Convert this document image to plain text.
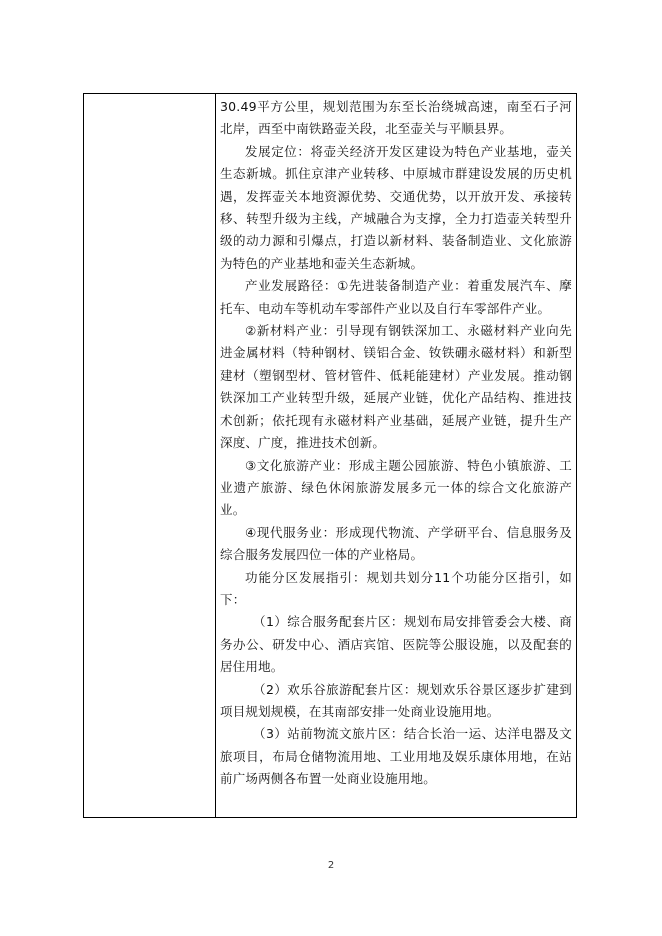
30.49平方公里，规划范围为东至长治绕城高速，南至石子河北岸，西至中南铁路壶关段，北至壶关与平顺县界。

发展定位：将壶关经济开发区建设为特色产业基地，壶关生态新城。抓住京津产业转移、中原城市群建设发展的历史机遇，发挥壶关本地资源优势、交通优势，以开放开发、承接转移、转型升级为主线，产城融合为支撑，全力打造壶关转型升级的动力源和引爆点，打造以新材料、装备制造业、文化旅游为特色的产业基地和壶关生态新城。

产业发展路径：①先进装备制造产业：着重发展汽车、摩托车、电动车等机动车零部件产业以及自行车零部件产业。

②新材料产业：引导现有钢铁深加工、永磁材料产业向先进金属材料（特种钢材、镁铝合金、钕铁硼永磁材料）和新型建材（塑钢型材、管材管件、低耗能建材）产业发展。推动钢铁深加工产业转型升级，延展产业链，优化产品结构、推进技术创新；依托现有永磁材料产业基础，延展产业链，提升生产深度、广度，推进技术创新。

③文化旅游产业：形成主题公园旅游、特色小镇旅游、工业遗产旅游、绿色休闲旅游发展多元一体的综合文化旅游产业。

④现代服务业：形成现代物流、产学研平台、信息服务及综合服务发展四位一体的产业格局。

功能分区发展指引：规划共划分11个功能分区指引，如下：

（1）综合服务配套片区：规划布局安排管委会大楼、商务办公、研发中心、酒店宾馆、医院等公服设施，以及配套的居住用地。

（2）欢乐谷旅游配套片区：规划欢乐谷景区逐步扩建到项目规划规模，在其南部安排一处商业设施用地。

（3）站前物流文旅片区：结合长治一运、达洋电器及文旅项目，布局仓储物流用地、工业用地及娱乐康体用地，在站前广场两侧各布置一处商业设施用地。

2
